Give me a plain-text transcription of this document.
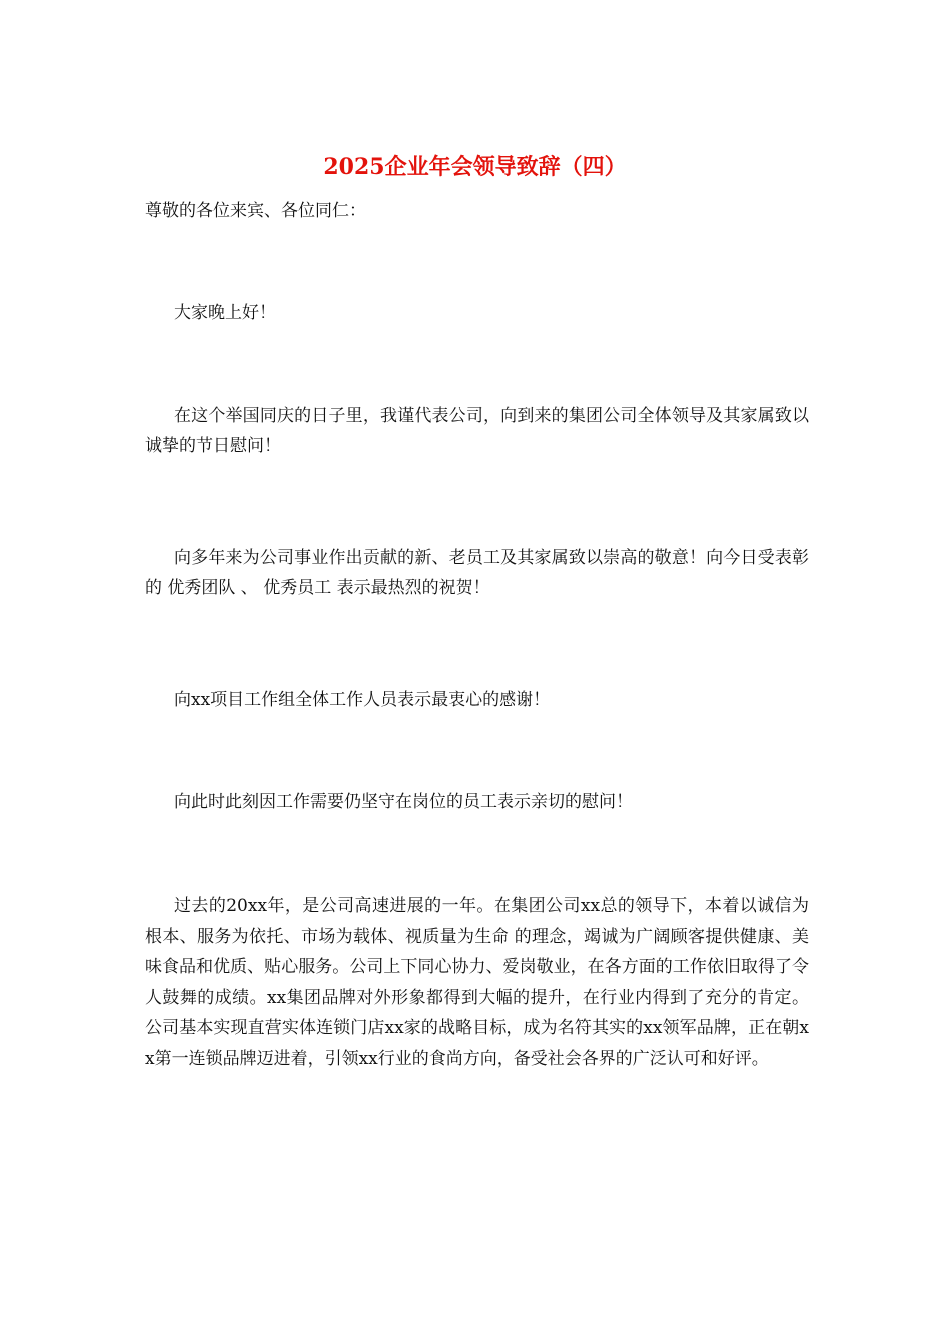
2025企业年会领导致辞（四）

尊敬的各位来宾、各位同仁：

大家晚上好！

在这个举国同庆的日子里，我谨代表公司，向到来的集团公司全体领导及其家属致以诚挚的节日慰问！

向多年来为公司事业作出贡献的新、老员工及其家属致以崇高的敬意！向今日受表彰的 优秀团队 、 优秀员工 表示最热烈的祝贺！

向xx项目工作组全体工作人员表示最衷心的感谢！

向此时此刻因工作需要仍坚守在岗位的员工表示亲切的慰问！

过去的20xx年，是公司高速进展的一年。在集团公司xx总的领导下，本着以诚信为根本、服务为依托、市场为载体、视质量为生命 的理念，竭诚为广阔顾客提供健康、美味食品和优质、贴心服务。公司上下同心协力、爱岗敬业，在各方面的工作依旧取得了令人鼓舞的成绩。xx集团品牌对外形象都得到大幅的提升，在行业内得到了充分的肯定。公司基本实现直营实体连锁门店xx家的战略目标，成为名符其实的xx领军品牌，正在朝xx第一连锁品牌迈进着，引领xx行业的食尚方向，备受社会各界的广泛认可和好评。
